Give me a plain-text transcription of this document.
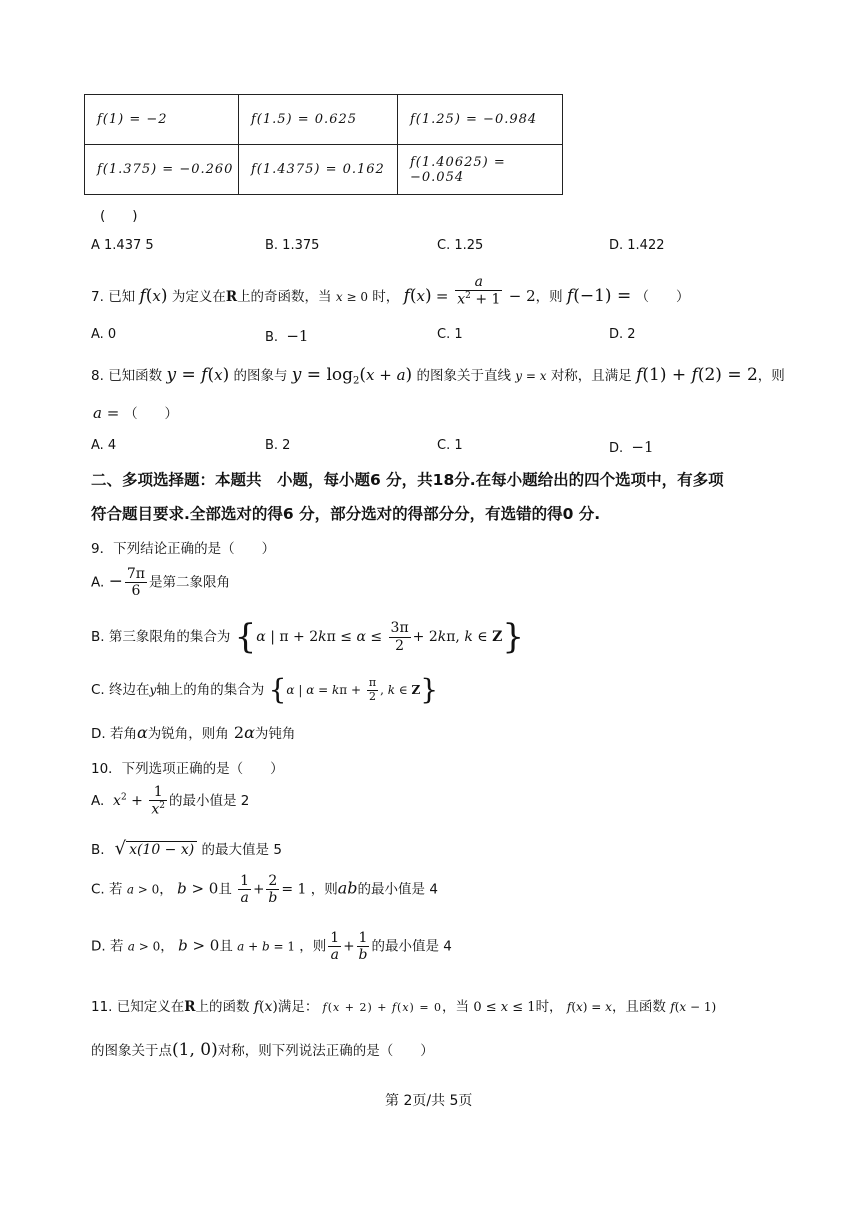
f(1) = −2	f(1.5) = 0.625	f(1.25) = −0.984
f(1.375) = −0.260	f(1.4375) = 0.162	f(1.40625) = −0.054
(　　)
A 1.437 5	B. 1.375	C. 1.25	D. 1.422
7. 已知 f(x) 为定义在R上的奇函数，当 x ≥ 0 时， $f(x) = \frac{a}{x^2 + 1} - 2$，则 f(−1) = （　　）
A. 0	B. −1	C. 1	D. 2
8. 已知函数 y = f(x) 的图象与 $y = \log_2(x + a)$ 的图象关于直线 y = x 对称，且满足 f(1) + f(2) = 2，则
a = （　　）
A. 4	B. 2	C. 1	D. −1
二、多项选择题：本题共　小题，每小题6 分，共18分.在每小题给出的四个选项中，有多项
符合题目要求.全部选对的得6 分，部分选对的得部分分，有选错的得0 分.
9．下列结论正确的是（　　）
A. − $\frac{7\pi}{6}$ 是第二象限角
B. 第三象限角的集合为 {α | $\pi + 2k\pi \le \alpha \le \frac{3\pi}{2} + 2k\pi$, k ∈ Z}
C. 终边在y轴上的角的集合为 {α | $\alpha = k\pi + \frac{\pi}{2}$ , k ∈ Z}
D. 若角α为锐角，则角 2α为钝角
10．下列选项正确的是（　　）
A. $x^2 + \frac{1}{x^2}$ 的最小值是 2
B.  √ x(10 − x) 的最大值是 5
C. 若 a > 0， b > 0且 $\frac{1}{a} + \frac{2}{b} = 1$ ，则ab的最小值是 4
D. 若 a > 0， b > 0且 a + b = 1 ，则 $\frac{1}{a} + \frac{1}{b}$ 的最小值是 4
11. 已知定义在R上的函数 f(x)满足： f(x + 2) + f(x) = 0，当 0 ≤ x ≤ 1时， f(x) = x，且函数 f(x − 1)
的图象关于点(1, 0)对称，则下列说法正确的是（　　）
第 2页/共 5页
